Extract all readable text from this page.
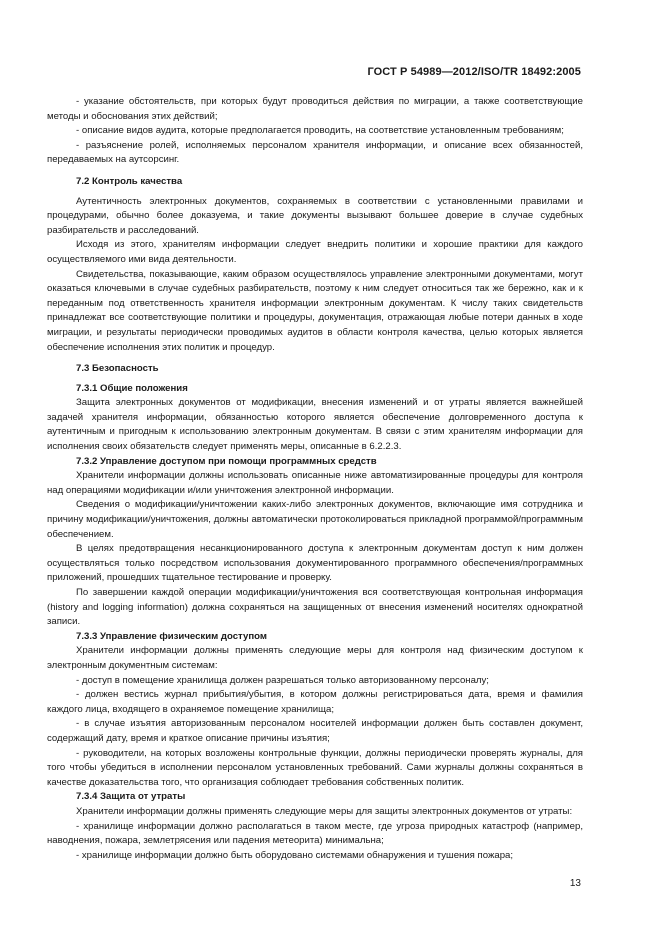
ГОСТ Р 54989—2012/ISO/TR 18492:2005

- указание обстоятельств, при которых будут проводиться действия по миграции, а также соответствующие методы и обоснования этих действий;

- описание видов аудита, которые предполагается проводить, на соответствие установленным требованиям;

- разъяснение ролей, исполняемых персоналом хранителя информации, и описание всех обязанностей, передаваемых на аутсорсинг.

7.2 Контроль качества

Аутентичность электронных документов, сохраняемых в соответствии с установленными правилами и процедурами, обычно более доказуема, и такие документы вызывают большее доверие в случае судебных разбирательств и расследований.

Исходя из этого, хранителям информации следует внедрить политики и хорошие практики для каждого осуществляемого ими вида деятельности.

Свидетельства, показывающие, каким образом осуществлялось управление электронными документами, могут оказаться ключевыми в случае судебных разбирательств, поэтому к ним следует относиться так же бережно, как и к переданным под ответственность хранителя информации электронным документам. К числу таких свидетельств принадлежат все соответствующие политики и процедуры, документация, отражающая любые потери данных в ходе миграции, и результаты периодически проводимых аудитов в области контроля качества, целью которых является обеспечение исполнения этих политик и процедур.

7.3 Безопасность

7.3.1 Общие положения

Защита электронных документов от модификации, внесения изменений и от утраты является важнейшей задачей хранителя информации, обязанностью которого является обеспечение долговременного доступа к аутентичным и пригодным к использованию электронным документам. В связи с этим хранителям информации для исполнения своих обязательств следует применять меры, описанные в 6.2.2.3.

7.3.2 Управление доступом при помощи программных средств

Хранители информации должны использовать описанные ниже автоматизированные процедуры для контроля над операциями модификации и/или уничтожения электронной информации.

Сведения о модификации/уничтожении каких-либо электронных документов, включающие имя сотрудника и причину модификации/уничтожения, должны автоматически протоколироваться прикладной программой/программным обеспечением.

В целях предотвращения несанкционированного доступа к электронным документам доступ к ним должен осуществляться только посредством использования документированного программного обеспечения/программных приложений, прошедших тщательное тестирование и проверку.

По завершении каждой операции модификации/уничтожения вся соответствующая контрольная информация (history and logging information) должна сохраняться на защищенных от внесения изменений носителях однократной записи.

7.3.3 Управление физическим доступом

Хранители информации должны применять следующие меры для контроля над физическим доступом к электронным документным системам:

- доступ в помещение хранилища должен разрешаться только авторизованному персоналу;

- должен вестись журнал прибытия/убытия, в котором должны регистрироваться дата, время и фамилия каждого лица, входящего в охраняемое помещение хранилища;

- в случае изъятия авторизованным персоналом носителей информации должен быть составлен документ, содержащий дату, время и краткое описание причины изъятия;

- руководители, на которых возложены контрольные функции, должны периодически проверять журналы, для того чтобы убедиться в исполнении персоналом установленных требований. Сами журналы должны сохраняться в качестве доказательства того, что организация соблюдает требования собственных политик.

7.3.4 Защита от утраты

Хранители информации должны применять следующие меры для защиты электронных документов от утраты:

- хранилище информации должно располагаться в таком месте, где угроза природных катастроф (например, наводнения, пожара, землетрясения или падения метеорита) минимальна;

- хранилище информации должно быть оборудовано системами обнаружения и тушения пожара;

13
